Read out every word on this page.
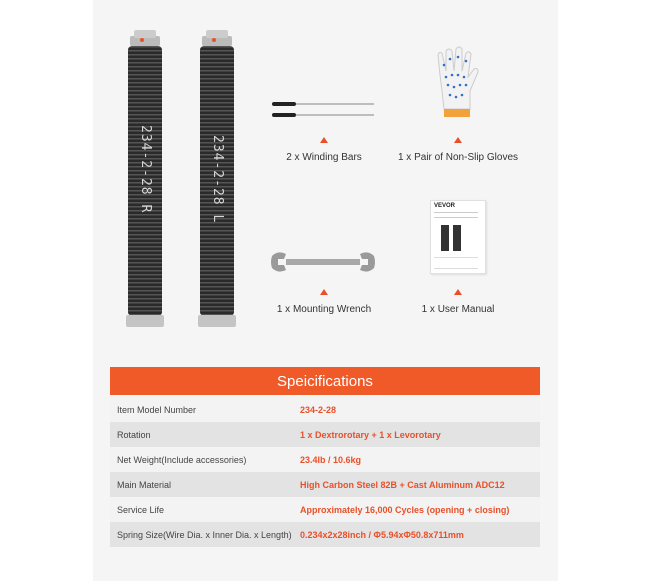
234-2-28 R	234-2-28 L	2 x Winding Bars	1 x Pair of Non-Slip Gloves
1 x Mounting Wrench
VEVOR
1 x User Manual
Speicifications
Item Model Number	234-2-28
Rotation	1 x Dextrorotary + 1 x Levorotary
Net Weight(Include accessories)	23.4lb / 10.6kg
Main Material	High Carbon Steel 82B + Cast Aluminum ADC12
Service Life	Approximately 16,000 Cycles (opening + closing)
Spring Size(Wire Dia. x Inner Dia. x Length) 0.234x2x28inch / Φ5.94xΦ50.8x711mm
